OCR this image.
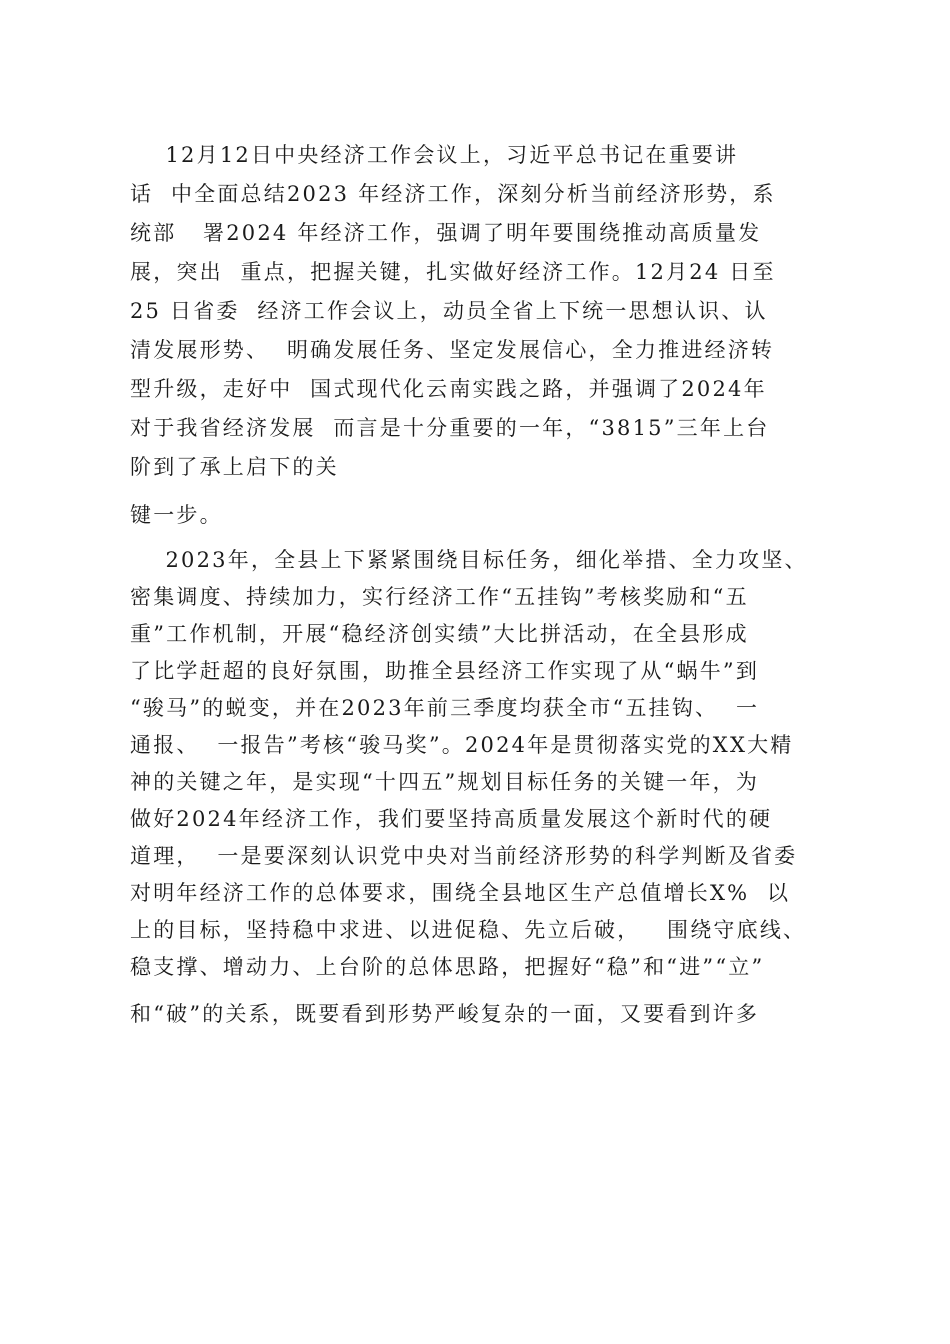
12月12日中央经济工作会议上，习近平总书记在重要讲
话  中全面总结2023 年经济工作，深刻分析当前经济形势，系
统部   署2024 年经济工作，强调了明年要围绕推动高质量发
展，突出  重点，把握关键，扎实做好经济工作。12月24 日至
25 日省委  经济工作会议上，动员全省上下统一思想认识、认
清发展形势、  明确发展任务、坚定发展信心，全力推进经济转
型升级，走好中  国式现代化云南实践之路，并强调了2024年
对于我省经济发展  而言是十分重要的一年，“3815”三年上台
阶到了承上启下的关
键一步。
2023年，全县上下紧紧围绕目标任务，细化举措、全力攻坚、
密集调度、持续加力，实行经济工作“五挂钩”考核奖励和“五
重”工作机制，开展“稳经济创实绩”大比拼活动，在全县形成
了比学赶超的良好氛围，助推全县经济工作实现了从“蜗牛”到
“骏马”的蜕变，并在2023年前三季度均获全市“五挂钩、  一
通报、  一报告”考核“骏马奖”。2024年是贯彻落实党的XX大精
神的关键之年，是实现“十四五”规划目标任务的关键一年，为
做好2024年经济工作，我们要坚持高质量发展这个新时代的硬
道理，  一是要深刻认识党中央对当前经济形势的科学判断及省委
对明年经济工作的总体要求，围绕全县地区生产总值增长X%  以
上的目标，坚持稳中求进、以进促稳、先立后破，   围绕守底线、
稳支撑、增动力、上台阶的总体思路，把握好“稳”和“进”“立”
和“破”的关系，既要看到形势严峻复杂的一面，又要看到许多
